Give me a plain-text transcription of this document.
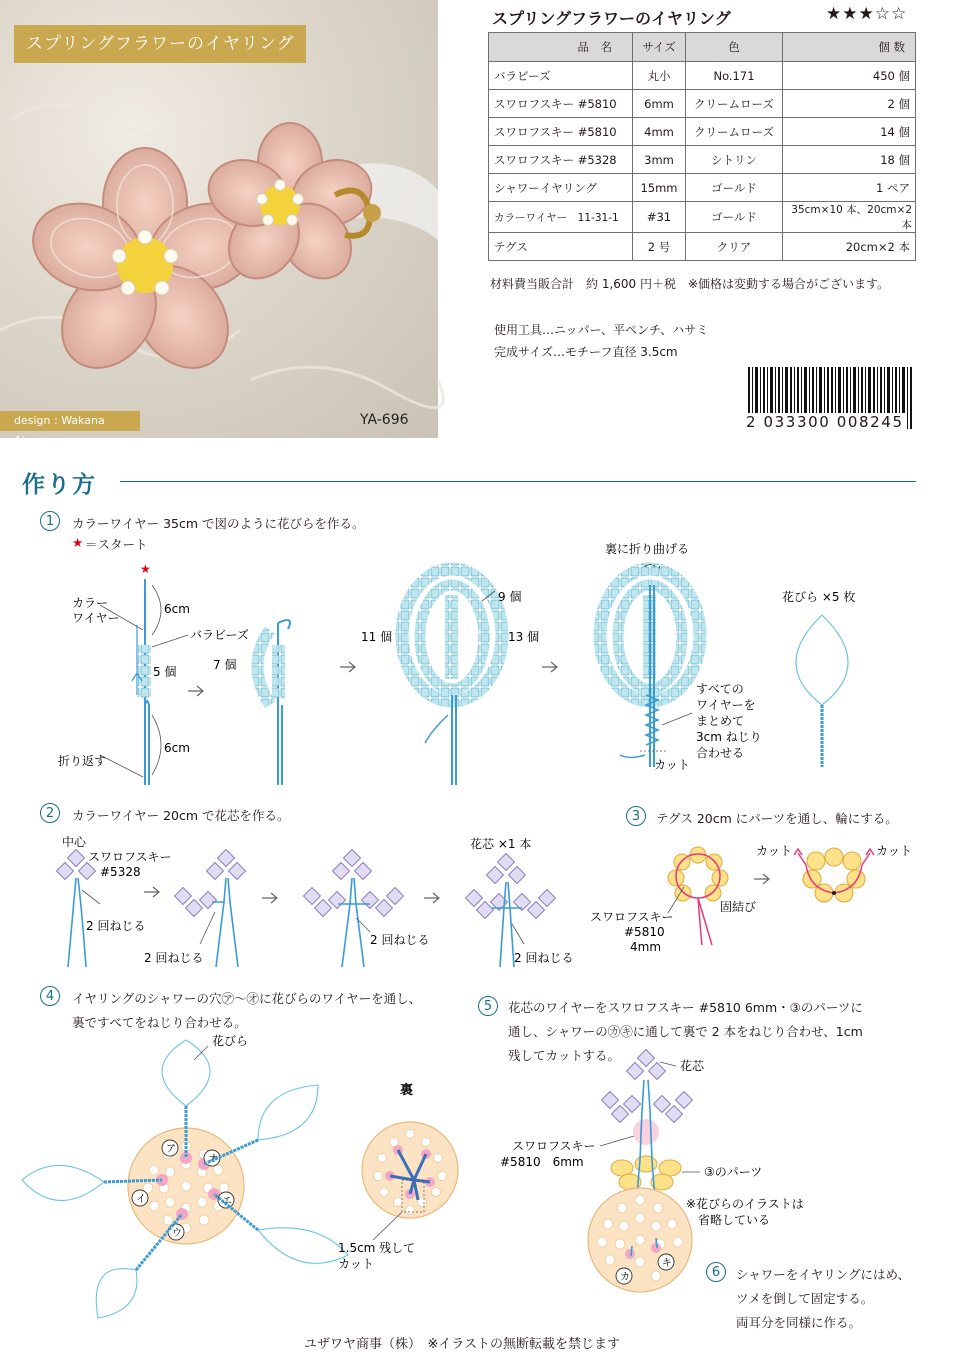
スプリングフラワーのイヤリング
design : Wakana Aizawa
YA-696
スプリングフラワーのイヤリング	★★★☆☆
品　名	サイズ	色	個 数
バラビーズ	丸小	No.171	450 個
スワロフスキー #5810	6mm	クリームローズ	2 個
スワロフスキー #5810	4mm	クリームローズ	14 個
スワロフスキー #5328	3mm	シトリン	18 個
シャワーイヤリング	15mm	ゴールド	1 ペア
カラーワイヤー　11-31-1	#31	ゴールド	35cm×10 本、20cm×2 本
テグス	2 号	クリア	20cm×2 本
材料費当販合計　約 1,600 円＋税　※価格は変動する場合がございます。
使用工具…ニッパー、平ペンチ、ハサミ
完成サイズ…モチーフ直径 3.5cm
2 033300 008245
作り方
1	カラーワイヤー 35cm で図のように花びらを作る。
★ ＝スタート
★
カラー
ワイヤー
6cm
バラビーズ
5 個
6cm
折り返す
7 個
11 個
9 個
13 個
裏に折り曲げる
すべての
ワイヤーを
まとめて
3cm ねじり
合わせる
カット
花びら ×5 枚
2	カラーワイヤー 20cm で花芯を作る。
中心
スワロフスキー
#5328
2 回ねじる
2 回ねじる
2 回ねじる
花芯 ×1 本
2 回ねじる
3	テグス 20cm にパーツを通し、輪にする。
固結び
スワロフスキー
#5810
4mm
カット	カット
4	イヤリングのシャワーの穴㋐〜㋔に花びらのワイヤーを通し、
裏ですべてをねじり合わせる。
ア
オ
イ	エ
ウ
花びら
裏
1.5cm 残して
カット
5	花芯のワイヤーをスワロフスキー #5810 6mm・③のパーツに
通し、シャワーの㋕㋖に通して裏で 2 本をねじり合わせ、1cm
残してカットする。
花芯
スワロフスキー
#5810　6mm
③のパーツ
※花びらのイラストは
省略している
カ
キ
6	シャワーをイヤリングにはめ、
ツメを倒して固定する。
両耳分を同様に作る。
ユザワヤ商事（株）　※イラストの無断転載を禁じます
